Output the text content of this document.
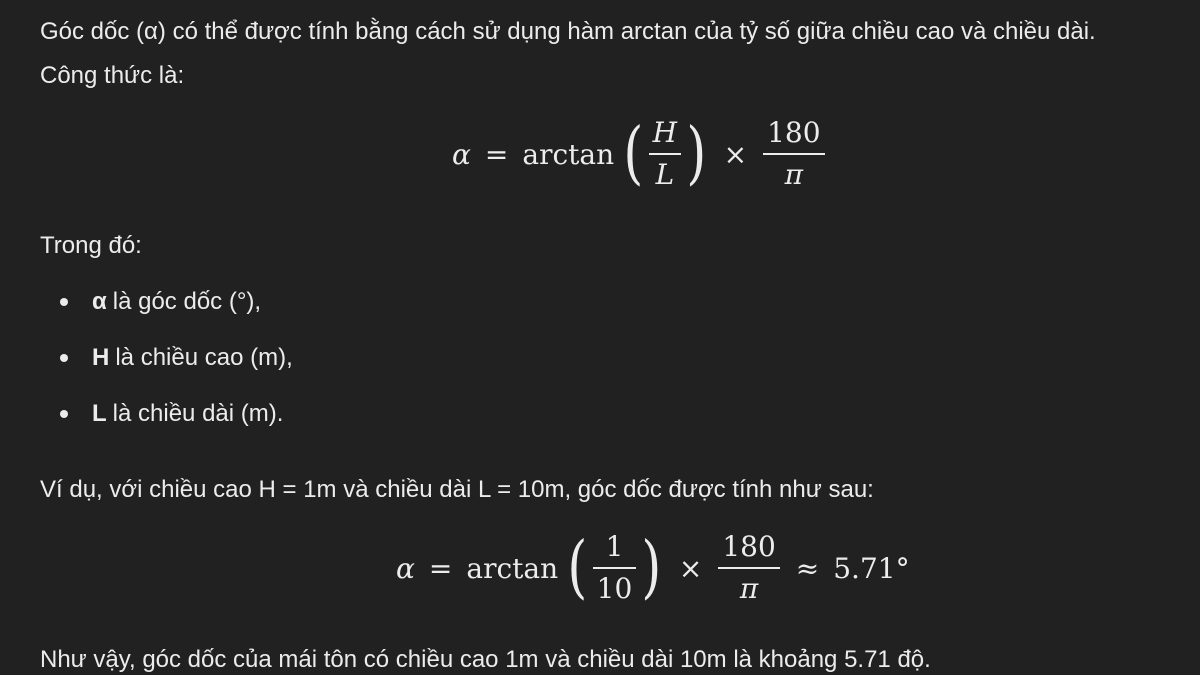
Góc dốc (α) có thể được tính bằng cách sử dụng hàm arctan của tỷ số giữa chiều cao và chiều dài.
Công thức là:
α = arctan ( $\frac{H}{L}$ ) × $\frac{180}{\pi}$
Trong đó:
α là góc dốc (°),
H là chiều cao (m),
L là chiều dài (m).
Ví dụ, với chiều cao H = 1m và chiều dài L = 10m, góc dốc được tính như sau:
α = arctan ( $\frac{1}{10}$ ) × $\frac{180}{\pi} \approx 5.71^\circ$
Như vậy, góc dốc của mái tôn có chiều cao 1m và chiều dài 10m là khoảng 5.71 độ.
